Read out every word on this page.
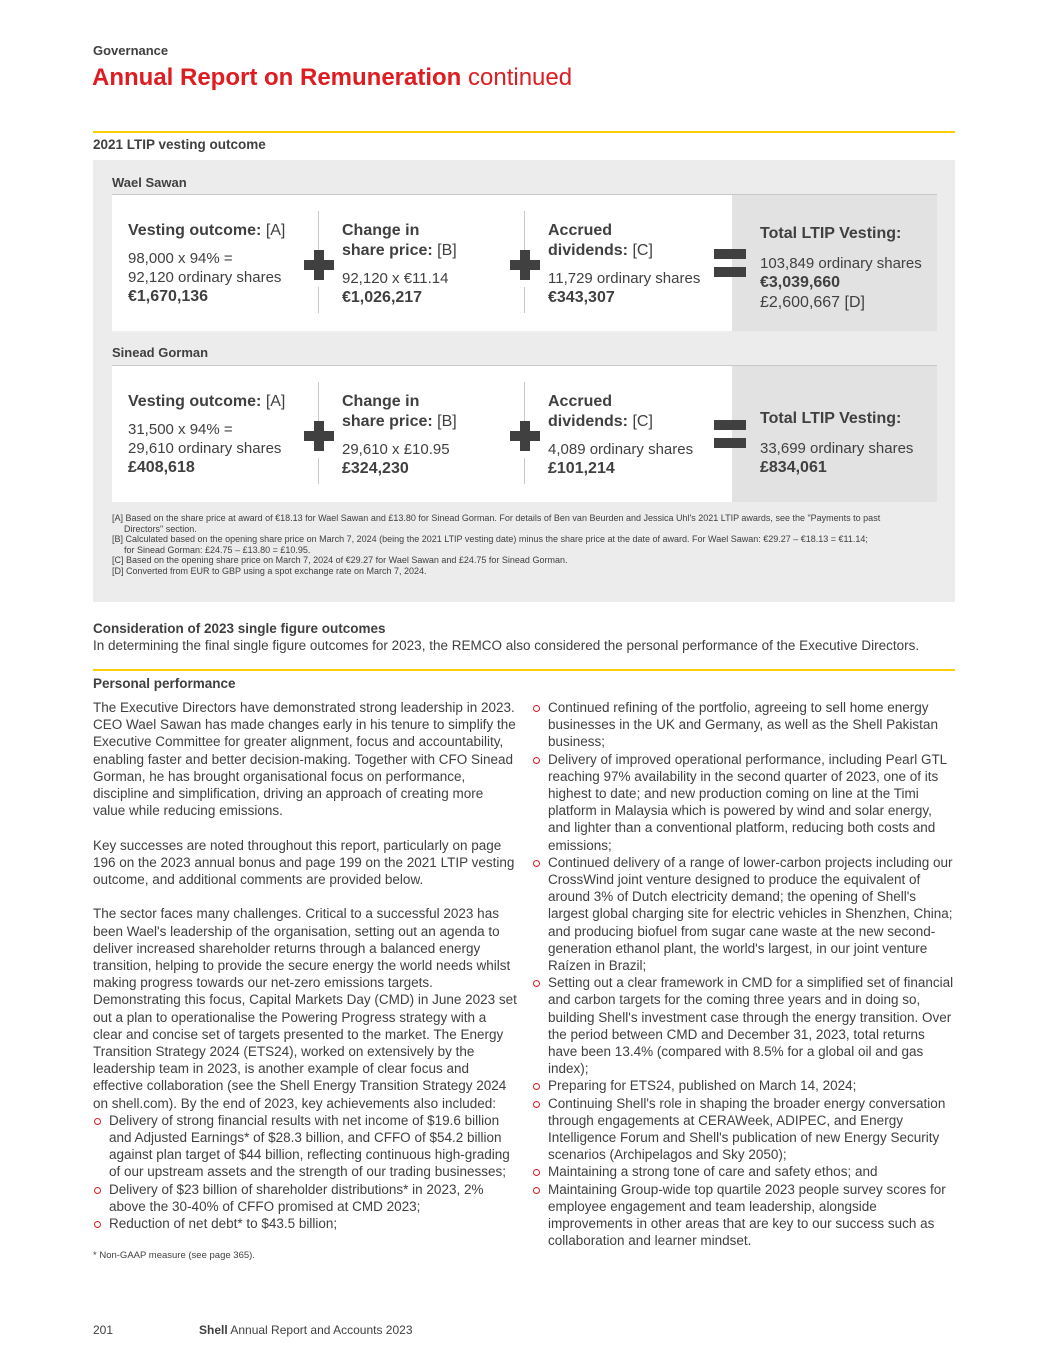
Governance
Annual Report on Remuneration continued
2021 LTIP vesting outcome
Wael Sawan
Vesting outcome: [A]
98,000 x 94% =
92,120 ordinary shares
€1,670,136
Change in
share price: [B]
92,120 x €11.14
€1,026,217
Accrued
dividends: [C]
11,729 ordinary shares
€343,307
Total LTIP Vesting:
103,849 ordinary shares
€3,039,660
£2,600,667 [D]
Sinead Gorman
Vesting outcome: [A]
31,500 x 94% =
29,610 ordinary shares
£408,618
Change in
share price: [B]
29,610 x £10.95
£324,230
Accrued
dividends: [C]
4,089 ordinary shares
£101,214
Total LTIP Vesting:
33,699 ordinary shares
£834,061
[A] Based on the share price at award of €18.13 for Wael Sawan and £13.80 for Sinead Gorman. For details of Ben van Beurden and Jessica Uhl's 2021 LTIP awards, see the "Payments to past
Directors" section.
[B] Calculated based on the opening share price on March 7, 2024 (being the 2021 LTIP vesting date) minus the share price at the date of award. For Wael Sawan: €29.27 – €18.13 = €11.14;
for Sinead Gorman: £24.75 – £13.80 = £10.95.
[C] Based on the opening share price on March 7, 2024 of €29.27 for Wael Sawan and £24.75 for Sinead Gorman.
[D] Converted from EUR to GBP using a spot exchange rate on March 7, 2024.
Consideration of 2023 single figure outcomes
In determining the final single figure outcomes for 2023, the REMCO also considered the personal performance of the Executive Directors.
Personal performance

The Executive Directors have demonstrated strong leadership in 2023. CEO Wael Sawan has made changes early in his tenure to simplify the Executive Committee for greater alignment, focus and accountability, enabling faster and better decision-making. Together with CFO Sinead Gorman, he has brought organisational focus on performance, discipline and simplification, driving an approach of creating more value while reducing emissions.

Key successes are noted throughout this report, particularly on page 196 on the 2023 annual bonus and page 199 on the 2021 LTIP vesting outcome, and additional comments are provided below.

The sector faces many challenges. Critical to a successful 2023 has been Wael's leadership of the organisation, setting out an agenda to deliver increased shareholder returns through a balanced energy transition, helping to provide the secure energy the world needs whilst making progress towards our net-zero emissions targets. Demonstrating this focus, Capital Markets Day (CMD) in June 2023 set out a plan to operationalise the Powering Progress strategy with a clear and concise set of targets presented to the market. The Energy Transition Strategy 2024 (ETS24), worked on extensively by the leadership team in 2023, is another example of clear focus and effective collaboration (see the Shell Energy Transition Strategy 2024 on shell.com). By the end of 2023, key achievements also included:

Delivery of strong financial results with net income of $19.6 billion and Adjusted Earnings* of $28.3 billion, and CFFO of $54.2 billion against plan target of $44 billion, reflecting continuous high-grading of our upstream assets and the strength of our trading businesses;
Delivery of $23 billion of shareholder distributions* in 2023, 2% above the 30-40% of CFFO promised at CMD 2023;
Reduction of net debt* to $43.5 billion;
Continued refining of the portfolio, agreeing to sell home energy businesses in the UK and Germany, as well as the Shell Pakistan business;
Delivery of improved operational performance, including Pearl GTL reaching 97% availability in the second quarter of 2023, one of its highest to date; and new production coming on line at the Timi platform in Malaysia which is powered by wind and solar energy, and lighter than a conventional platform, reducing both costs and emissions;
Continued delivery of a range of lower-carbon projects including our CrossWind joint venture designed to produce the equivalent of around 3% of Dutch electricity demand; the opening of Shell's largest global charging site for electric vehicles in Shenzhen, China; and producing biofuel from sugar cane waste at the new second-generation ethanol plant, the world's largest, in our joint venture Raízen in Brazil;
Setting out a clear framework in CMD for a simplified set of financial and carbon targets for the coming three years and in doing so, building Shell's investment case through the energy transition. Over the period between CMD and December 31, 2023, total returns have been 13.4% (compared with 8.5% for a global oil and gas index);
Preparing for ETS24, published on March 14, 2024;
Continuing Shell's role in shaping the broader energy conversation through engagements at CERAWeek, ADIPEC, and Energy Intelligence Forum and Shell's publication of new Energy Security scenarios (Archipelagos and Sky 2050);
Maintaining a strong tone of care and safety ethos; and
Maintaining Group-wide top quartile 2023 people survey scores for employee engagement and team leadership, alongside improvements in other areas that are key to our success such as collaboration and learner mindset.
* Non-GAAP measure (see page 365).
201	Shell Annual Report and Accounts 2023
